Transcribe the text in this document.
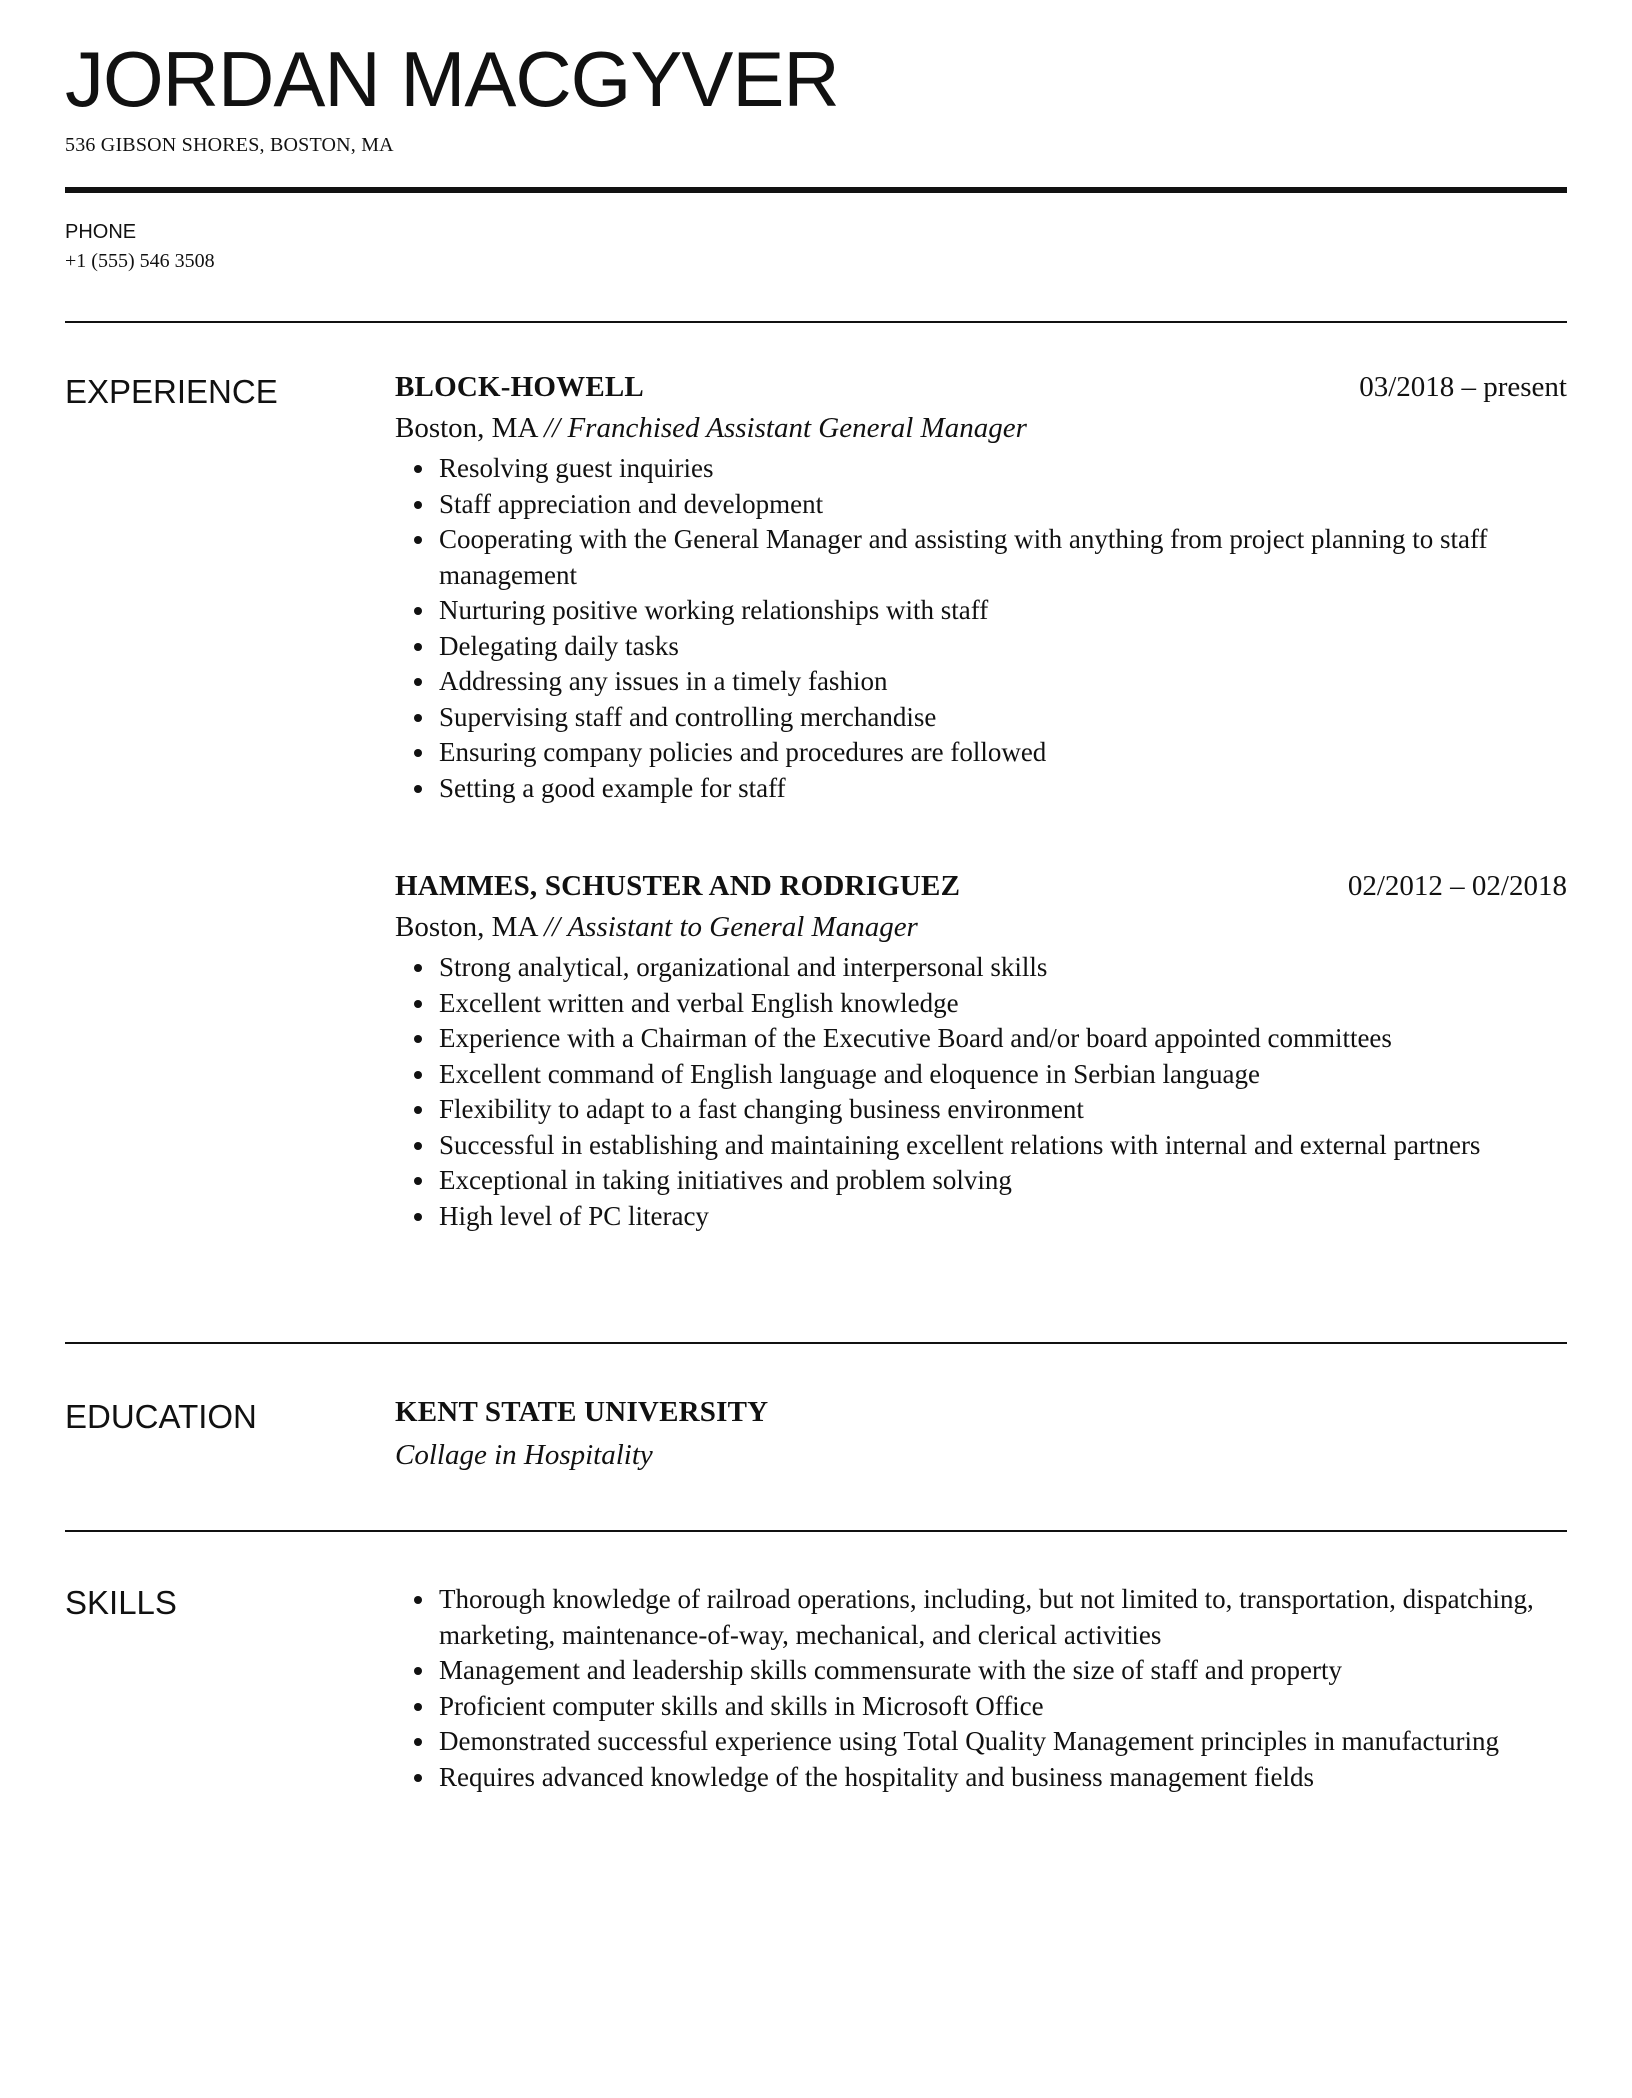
JORDAN MACGYVER
536 GIBSON SHORES, BOSTON, MA
PHONE
+1 (555) 546 3508
EXPERIENCE	BLOCK-HOWELL	03/2018 – present
Boston, MA // Franchised Assistant General Manager
• Resolving guest inquiries
• Staff appreciation and development
• Cooperating with the General Manager and assisting with anything from project planning to staff management
• Nurturing positive working relationships with staff
• Delegating daily tasks
• Addressing any issues in a timely fashion
• Supervising staff and controlling merchandise
• Ensuring company policies and procedures are followed
• Setting a good example for staff
HAMMES, SCHUSTER AND RODRIGUEZ	02/2012 – 02/2018
Boston, MA // Assistant to General Manager
• Strong analytical, organizational and interpersonal skills
• Excellent written and verbal English knowledge
• Experience with a Chairman of the Executive Board and/or board appointed committees
• Excellent command of English language and eloquence in Serbian language
• Flexibility to adapt to a fast changing business environment
• Successful in establishing and maintaining excellent relations with internal and external partners
• Exceptional in taking initiatives and problem solving
• High level of PC literacy
EDUCATION	KENT STATE UNIVERSITY
Collage in Hospitality
SKILLS
•	Thorough knowledge of railroad operations, including, but not limited to, transportation, dispatching, marketing, maintenance-of-way, mechanical, and clerical activities
• Management and leadership skills commensurate with the size of staff and property
• Proficient computer skills and skills in Microsoft Office
• Demonstrated successful experience using Total Quality Management principles in manufacturing
• Requires advanced knowledge of the hospitality and business management fields
